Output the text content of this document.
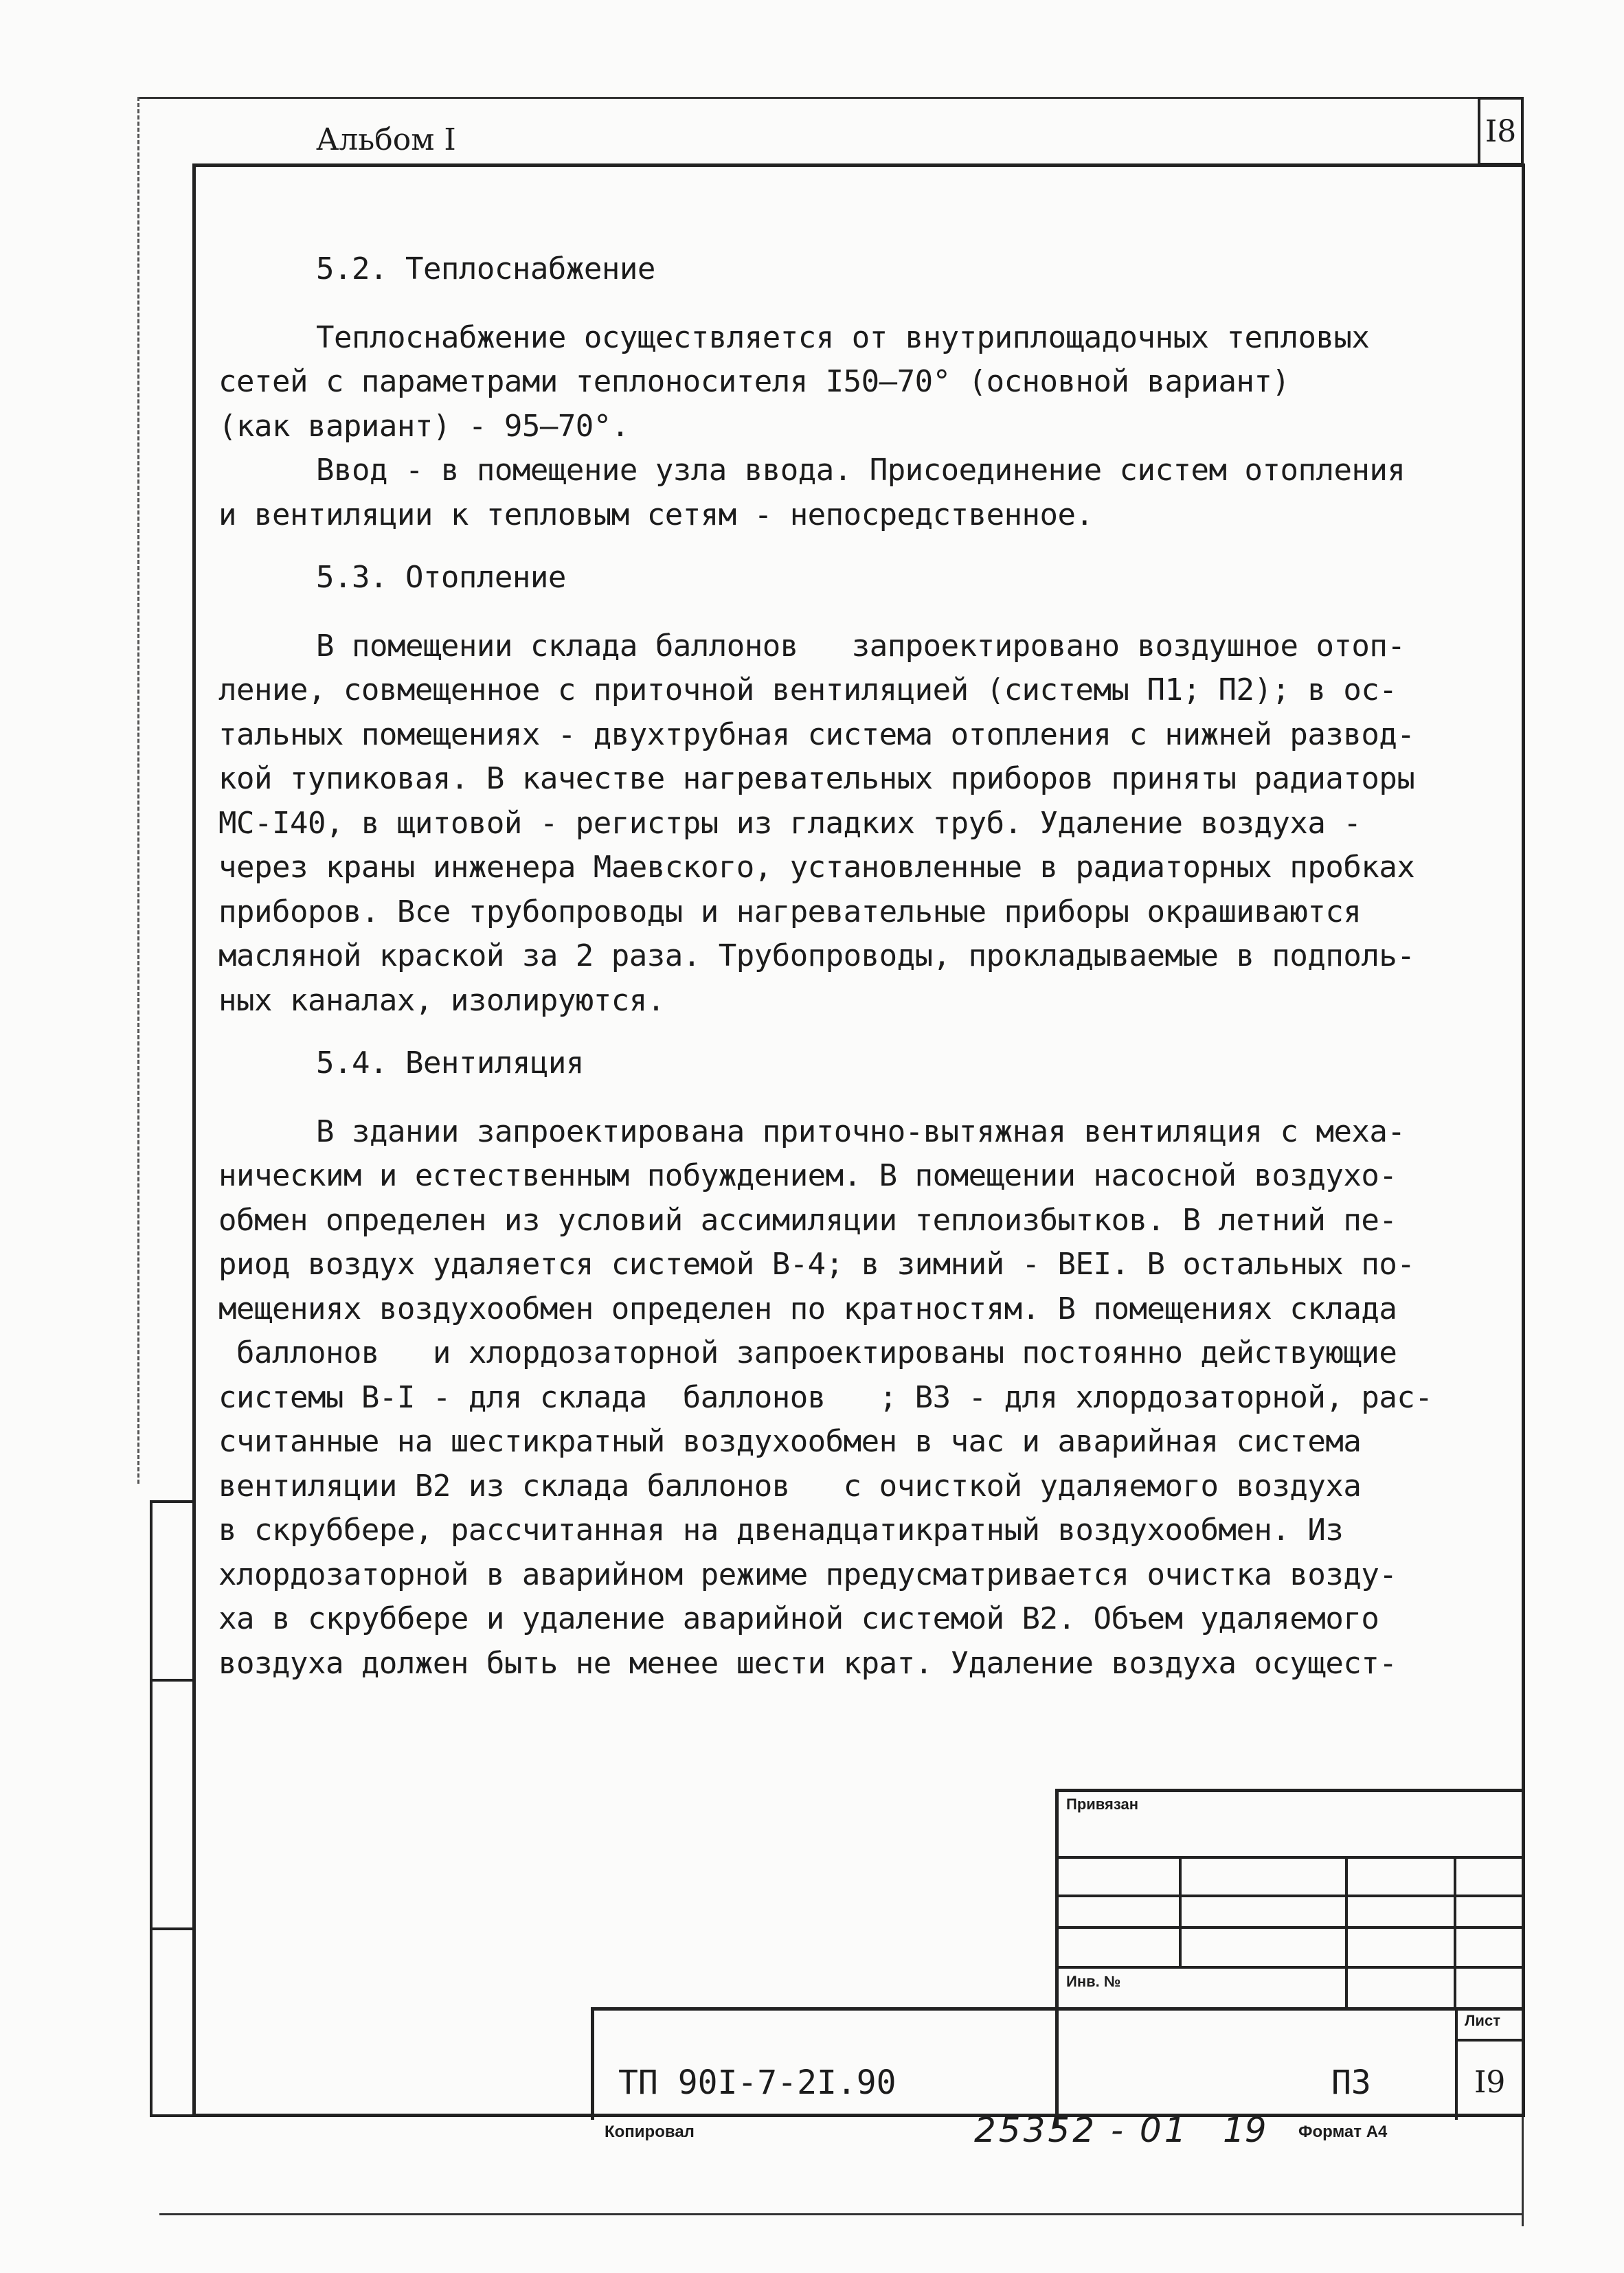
Альбом I	I8

5.2. Теплоснабжение

Теплоснабжение осуществляется от внутриплощадочных тепловых
сетей с параметрами теплоносителя I50–70° (основной вариант)
(как вариант) - 95–70°.

Ввод - в помещение узла ввода. Присоединение систем отопления
и вентиляции к тепловым сетям - непосредственное.

5.3. Отопление

В помещении склада баллонов   запроектировано воздушное отоп-
ление, совмещенное с приточной вентиляцией (системы П1; П2); в ос-
тальных помещениях - двухтрубная система отопления с нижней развод-
кой тупиковая. В качестве нагревательных приборов приняты радиаторы
МС-I40, в щитовой - регистры из гладких труб. Удаление воздуха -
через краны инженера Маевского, установленные в радиаторных пробках
приборов. Все трубопроводы и нагревательные приборы окрашиваются
масляной краской за 2 раза. Трубопроводы, прокладываемые в подполь-
ных каналах, изолируются.

5.4. Вентиляция

В здании запроектирована приточно-вытяжная вентиляция с меха-
ническим и естественным побуждением. В помещении насосной воздухо-
обмен определен из условий ассимиляции теплоизбытков. В летний пе-
риод воздух удаляется системой В-4; в зимний - ВЕI. В остальных по-
мещениях воздухообмен определен по кратностям. В помещениях склада
баллонов   и хлордозаторной запроектированы постоянно действующие
системы В-I - для склада  баллонов   ; В3 - для хлордозаторной, рас-
считанные на шестикратный воздухообмен в час и аварийная система
вентиляции В2 из склада баллонов   с очисткой удаляемого воздуха
в скруббере, рассчитанная на двенадцатикратный воздухообмен. Из
хлордозаторной в аварийном режиме предусматривается очистка возду-
ха в скруббере и удаление аварийной системой В2. Объем удаляемого
воздуха должен быть не менее шести крат. Удаление воздуха осущест-

Привязан
Инв. №
ТП 90I-7-2I.90	ПЗ
Лист
I9
Копировал	25352 - 01 19 Формат А4
